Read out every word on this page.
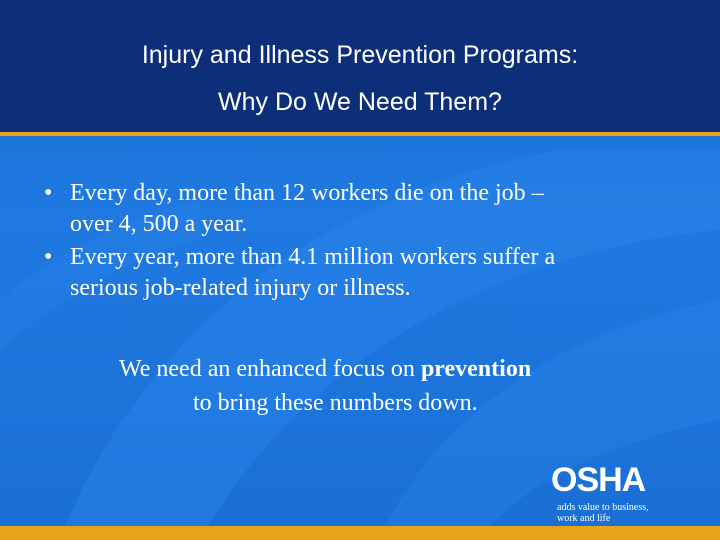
Injury and Illness Prevention Programs:
Why Do We Need Them?
• Every day, more than 12 workers die on the job –
over 4, 500 a year.
• Every year, more than 4.1 million workers suffer a
serious job-related injury or illness.
We need an enhanced focus on prevention
to bring these numbers down.
OSHA
adds value to business,
work and life
